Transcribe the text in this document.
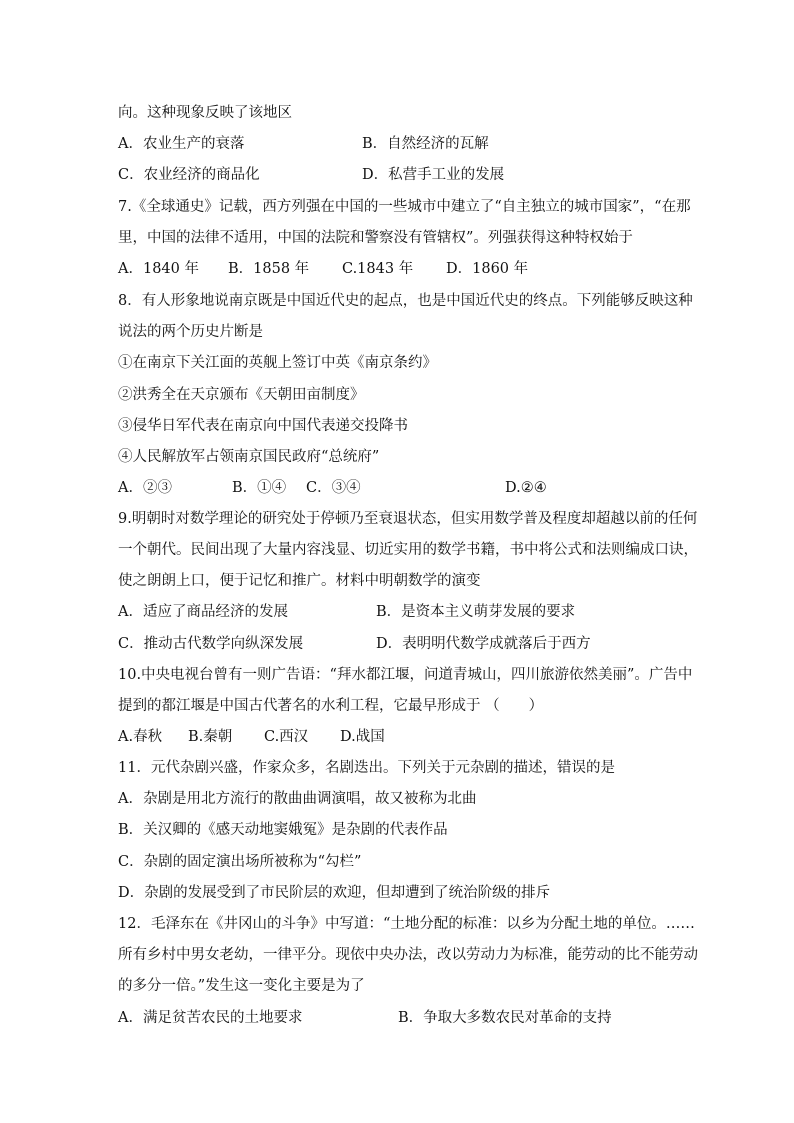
向。这种现象反映了该地区
A．农业生产的衰落	B．自然经济的瓦解
C．农业经济的商品化	D．私营手工业的发展
7.《全球通史》记载，西方列强在中国的一些城市中建立了“自主独立的城市国家”，“在那
里，中国的法律不适用，中国的法院和警察没有管辖权”。列强获得这种特权始于
A．1840 年 B．1858 年 C.1843 年 D．1860 年
8．有人形象地说南京既是中国近代史的起点，也是中国近代史的终点。下列能够反映这种
说法的两个历史片断是
①在南京下关江面的英舰上签订中英《南京条约》
②洪秀全在天京颁布《天朝田亩制度》
③侵华日军代表在南京向中国代表递交投降书
④人民解放军占领南京国民政府“总统府”
A．②③	B．①④ C．③④	D.②④
9.明朝时对数学理论的研究处于停顿乃至衰退状态，但实用数学普及程度却超越以前的任何
一个朝代。民间出现了大量内容浅显、切近实用的数学书籍，书中将公式和法则编成口诀，
使之朗朗上口，便于记忆和推广。材料中明朝数学的演变
A．适应了商品经济的发展	B．是资本主义萌芽发展的要求
C．推动古代数学向纵深发展	D．表明明代数学成就落后于西方
10.中央电视台曾有一则广告语：“拜水都江堰，问道青城山，四川旅游依然美丽”。广告中
提到的都江堰是中国古代著名的水利工程，它最早形成于 （　　）
A.春秋 B.秦朝 C.西汉 D.战国
11．元代杂剧兴盛，作家众多，名剧迭出。下列关于元杂剧的描述，错误的是
A．杂剧是用北方流行的散曲曲调演唱，故又被称为北曲
B．关汉卿的《感天动地窦娥冤》是杂剧的代表作品
C．杂剧的固定演出场所被称为“勾栏”
D．杂剧的发展受到了市民阶层的欢迎，但却遭到了统治阶级的排斥
12．毛泽东在《井冈山的斗争》中写道：“土地分配的标准：以乡为分配土地的单位。……
所有乡村中男女老幼，一律平分。现依中央办法，改以劳动力为标准，能劳动的比不能劳动
的多分一倍。”发生这一变化主要是为了
A．满足贫苦农民的土地要求	B．争取大多数农民对革命的支持
